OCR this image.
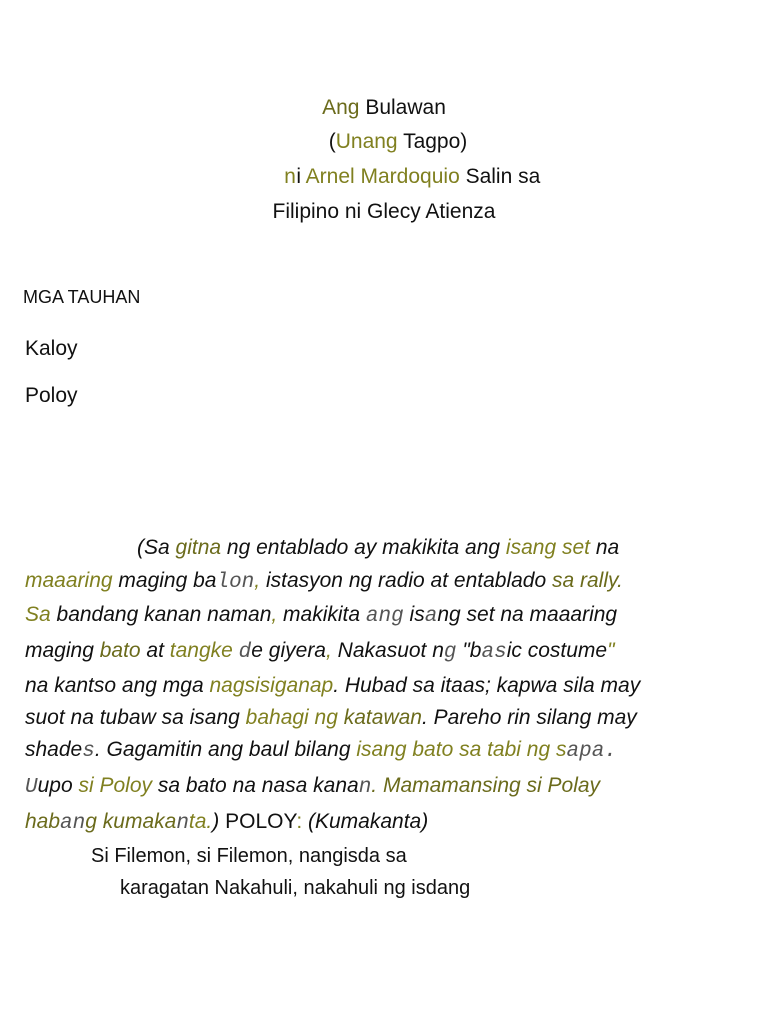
Ang Bulawan
(Unang Tagpo)
ni Arnel Mardoquio Salin sa
Filipino ni Glecy Atienza
MGA TAUHAN
Kaloy
Poloy
(Sa gitna ng entablado ay makikita ang isang set na
maaaring maging balon, istasyon ng radio at entablado sa rally.
Sa bandang kanan naman, makikita ang isang set na maaaring
maging bato at tangke de giyera, Nakasuot ng "basic costume"
na kantso ang mga nagsisiganap. Hubad sa itaas; kapwa sila may
suot na tubaw sa isang bahagi ng katawan. Pareho rin silang may
shades. Gagamitin ang baul bilang isang bato sa tabi ng sapa.
Uupo si Poloy sa bato na nasa kanan. Mamamansing si Polay
habang kumakanta.) POLOY: (Kumakanta)
Si Filemon, si Filemon, nangisda sa
karagatan Nakahuli, nakahuli ng isdang
